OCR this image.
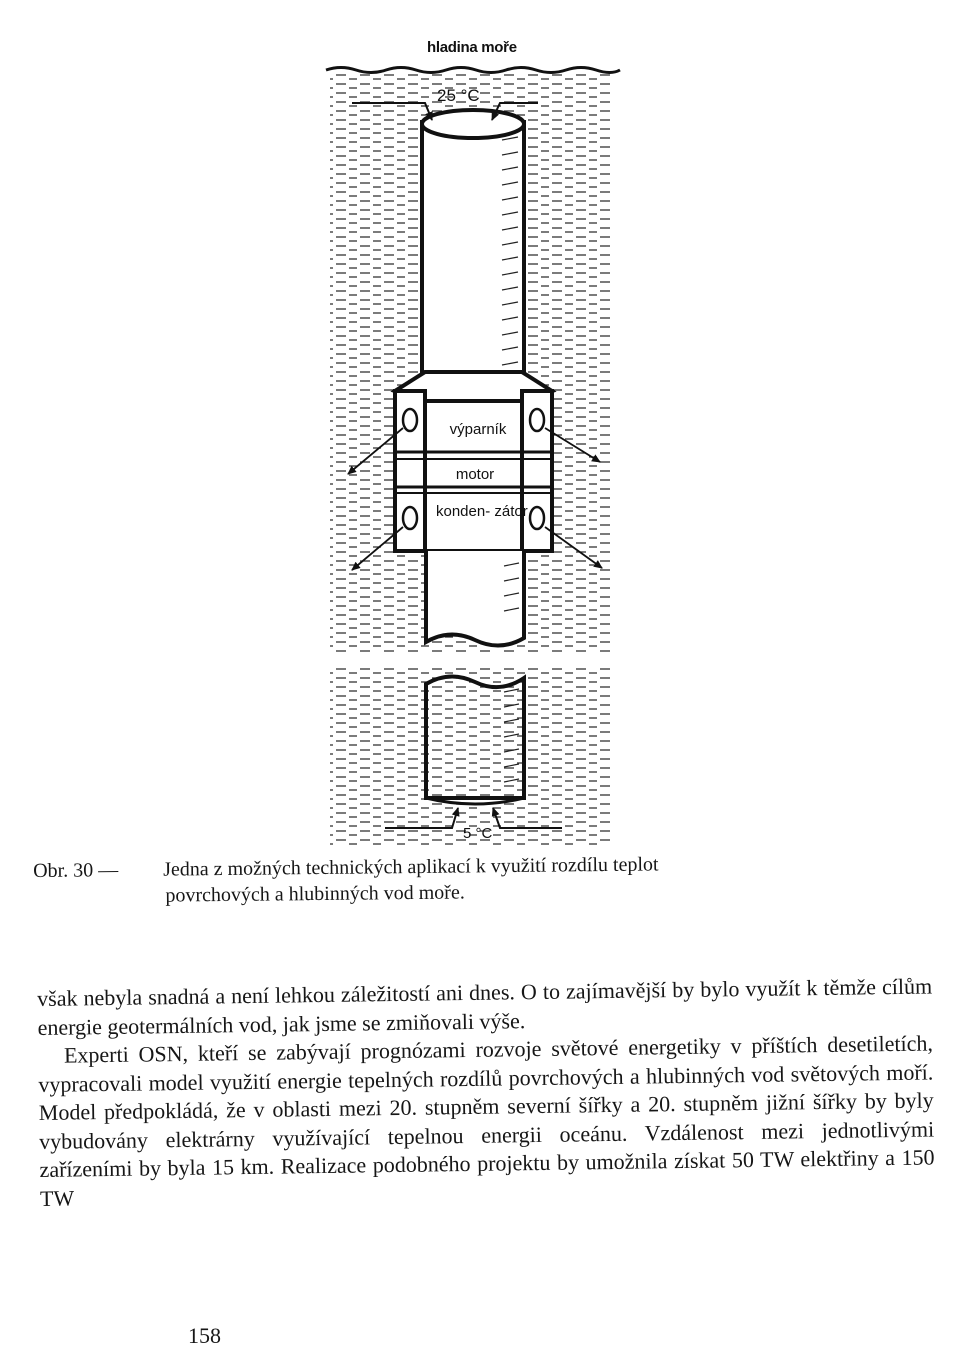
hladina moře
25 °C
výparník
motor
konden- zátor
5 °C
Obr. 30 — Jedna z možných technických aplikací k využití rozdílu teplot
povrchových a hlubinných vod moře.

však nebyla snadná a není lehkou záležitostí ani dnes. O to zajímavější by bylo využít k těmže cílům energie geotermálních vod, jak jsme se zmiňovali výše.

Experti OSN, kteří se zabývají prognózami rozvoje světové energetiky v příštích desetiletích, vypracovali model využití energie tepelných rozdílů povrchových a hlubinných vod světových moří. Model předpokládá, že v oblasti mezi 20. stupněm severní šířky a 20. stupněm jižní šířky by byly vybudovány elektrárny využívající tepelnou energii oceánu. Vzdálenost mezi jednotlivými zařízeními by byla 15 km. Realizace podobného projektu by umožnila získat 50 TW elektřiny a 150 TW

158
